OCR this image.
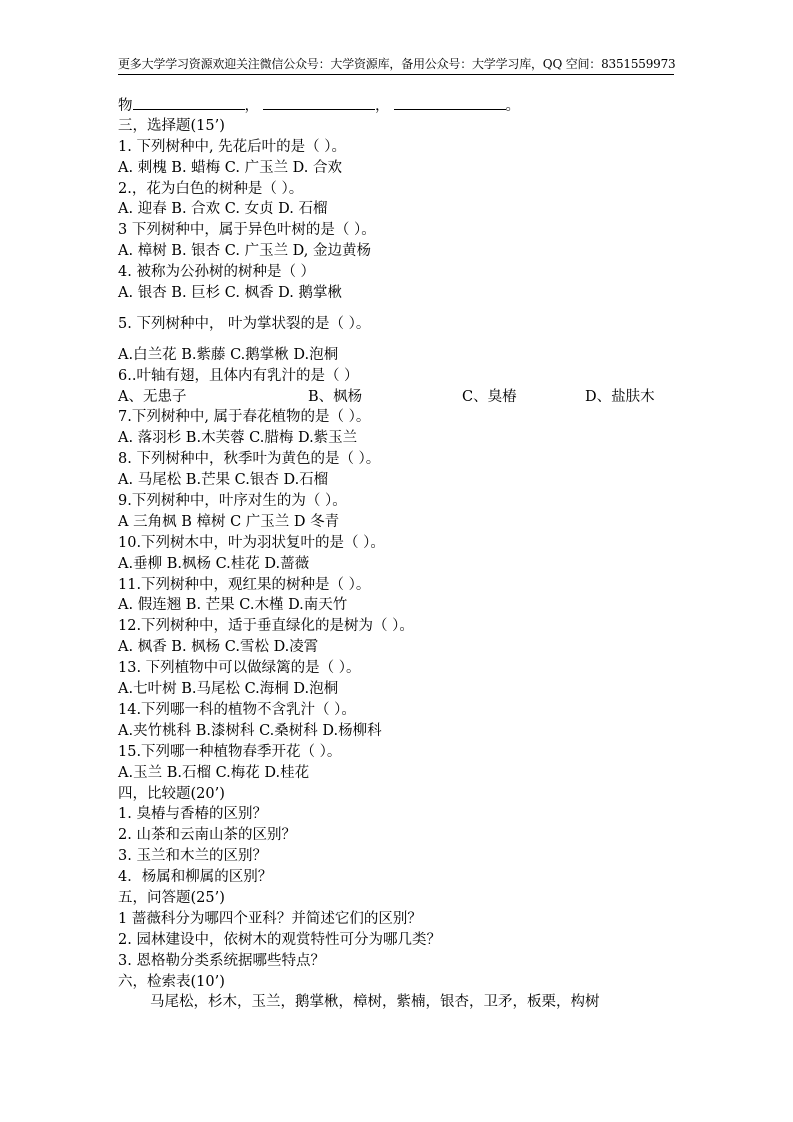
更多大学学习资源欢迎关注微信公众号：大学资源库，备用公众号：大学学习库，QQ 空间：8351559973
物	，	，	。
三，选择题(15’)
1. 下列树种中, 先花后叶的是（ ）。
A. 刺槐 B. 蜡梅 C. 广玉兰 D. 合欢
2.，花为白色的树种是（ ）。
A. 迎春 B. 合欢 C. 女贞 D. 石榴
3 下列树种中，属于异色叶树的是（ ）。
A. 樟树 B. 银杏 C. 广玉兰 D, 金边黄杨
4. 被称为公孙树的树种是（ ）
A. 银杏 B. 巨杉 C. 枫香 D. 鹅掌楸
5. 下列树种中， 叶为掌状裂的是（ ）。
A.白兰花 B.紫藤 C.鹅掌楸 D.泡桐
6..叶轴有翅，且体内有乳汁的是（ ）
A、无患子	B、枫杨	C、臭椿	D、盐肤木
7.下列树种中, 属于春花植物的是（ ）。
A. 落羽杉 B.木芙蓉 C.腊梅 D.紫玉兰
8. 下列树种中，秋季叶为黄色的是（ ）。
A. 马尾松 B.芒果 C.银杏 D.石榴
9.下列树种中，叶序对生的为（ ）。
A 三角枫 B 樟树 C 广玉兰 D 冬青
10.下列树木中，叶为羽状复叶的是（ ）。
A.垂柳 B.枫杨 C.桂花 D.蔷薇
11.下列树种中，观红果的树种是（ ）。
A. 假连翘 B. 芒果 C.木槿 D.南天竹
12.下列树种中，适于垂直绿化的是树为（ ）。
A. 枫香 B. 枫杨 C.雪松 D.凌霄
13. 下列植物中可以做绿篱的是（ ）。
A.七叶树 B.马尾松 C.海桐 D.泡桐
14.下列哪一科的植物不含乳汁（ ）。
A.夹竹桃科 B.漆树科 C.桑树科 D.杨柳科
15.下列哪一种植物春季开花（ ）。
A.玉兰 B.石榴 C.梅花 D.桂花
四，比较题(20’)
1. 臭椿与香椿的区别？
2. 山茶和云南山茶的区别？
3. 玉兰和木兰的区别？
4．杨属和柳属的区别？
五，问答题(25’)
1 蔷薇科分为哪四个亚科？并简述它们的区别？
2. 园林建设中，依树木的观赏特性可分为哪几类？
3. 恩格勒分类系统据哪些特点？
六，检索表(10’)
马尾松，杉木，玉兰，鹅掌楸，樟树，紫楠，银杏，卫矛，板栗，构树
